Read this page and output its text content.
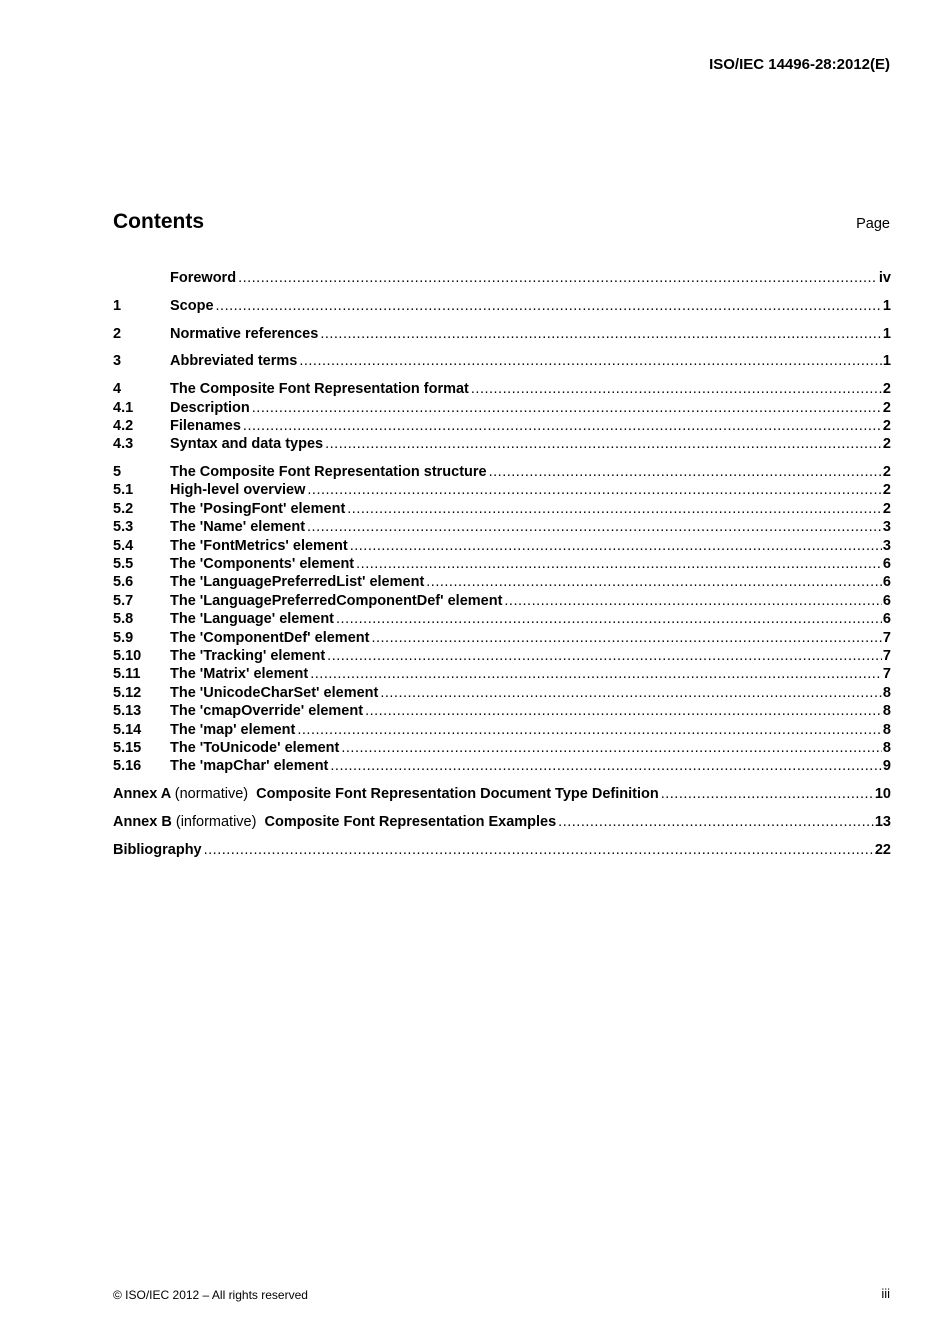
ISO/IEC 14496-28:2012(E)
Contents	Page
Foreword .....	iv
1	Scope .....	1
2	Normative references .....	1
3	Abbreviated terms .....	1
4	The Composite Font Representation format .....	2
4.1	Description .....	2
4.2	Filenames .....	2
4.3	Syntax and data types .....	2
5	The Composite Font Representation structure .....	2
5.1	High-level overview .....	2
5.2	The 'PosingFont' element .....	2
5.3	The 'Name' element .....	3
5.4	The 'FontMetrics' element .....	3
5.5	The 'Components' element .....	6
5.6	The 'LanguagePreferredList' element .....	6
5.7	The 'LanguagePreferredComponentDef' element .....	6
5.8	The 'Language' element .....	6
5.9	The 'ComponentDef' element .....	7
5.10	The 'Tracking' element .....	7
5.11	The 'Matrix' element .....	7
5.12	The 'UnicodeCharSet' element .....	8
5.13	The 'cmapOverride' element .....	8
5.14	The 'map' element .....	8
5.15	The 'ToUnicode' element .....	8
5.16	The 'mapChar' element .....	9
Annex A (normative) Composite Font Representation Document Type Definition .....	10
Annex B (informative) Composite Font Representation Examples .....	13
Bibliography .....	22
© ISO/IEC 2012 – All rights reserved	iii
